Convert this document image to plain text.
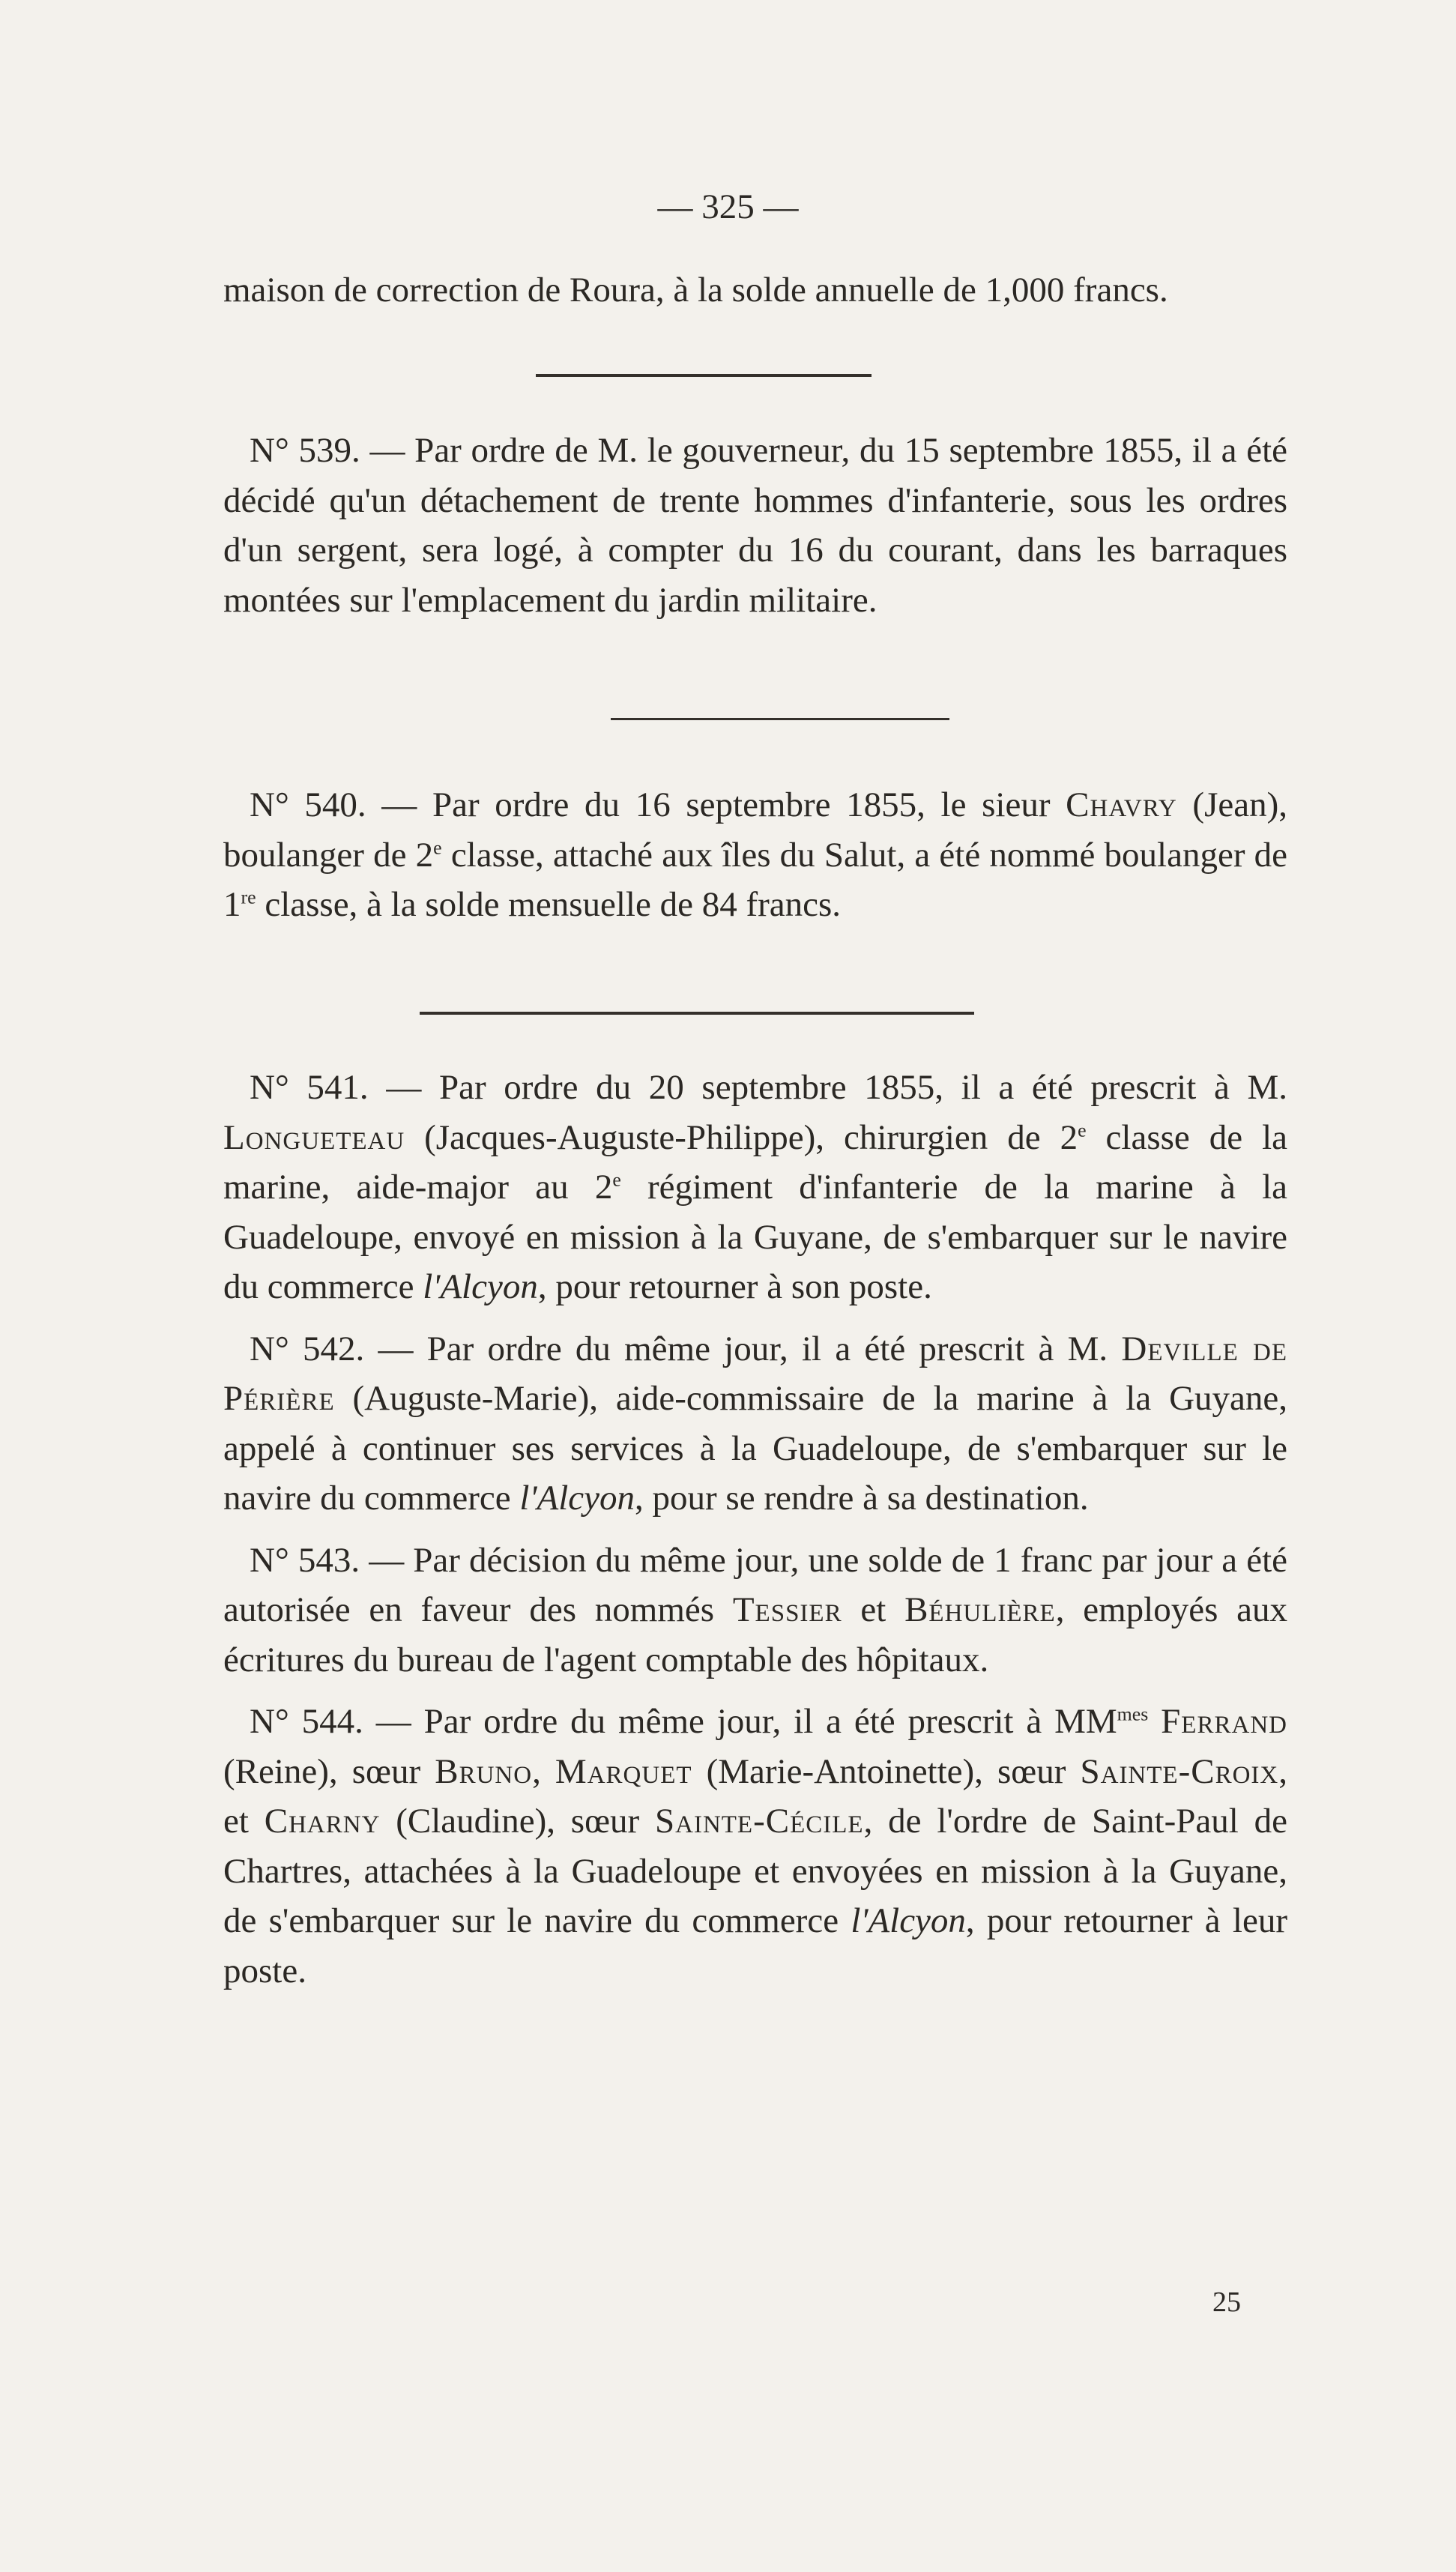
— 325 —

maison de correction de Roura, à la solde annuelle de 1,000 francs.

N° 539. — Par ordre de M. le gouverneur, du 15 septembre 1855, il a été décidé qu'un détachement de trente hommes d'infanterie, sous les ordres d'un sergent, sera logé, à compter du 16 du courant, dans les barraques montées sur l'emplacement du jardin militaire.

N° 540. — Par ordre du 16 septembre 1855, le sieur Chavry (Jean), boulanger de 2e classe, attaché aux îles du Salut, a été nommé boulanger de 1re classe, à la solde mensuelle de 84 francs.

N° 541. — Par ordre du 20 septembre 1855, il a été prescrit à M. Longueteau (Jacques-Auguste-Philippe), chirurgien de 2e classe de la marine, aide-major au 2e régiment d'infanterie de la marine à la Guadeloupe, envoyé en mission à la Guyane, de s'embarquer sur le navire du commerce l'Alcyon, pour retourner à son poste.

N° 542. — Par ordre du même jour, il a été prescrit à M. Deville de Périère (Auguste-Marie), aide-commissaire de la marine à la Guyane, appelé à continuer ses services à la Guadeloupe, de s'embarquer sur le navire du commerce l'Alcyon, pour se rendre à sa destination.

N° 543. — Par décision du même jour, une solde de 1 franc par jour a été autorisée en faveur des nommés Tessier et Béhulière, employés aux écritures du bureau de l'agent comptable des hôpitaux.

N° 544. — Par ordre du même jour, il a été prescrit à $MM^{mes}$ Ferrand (Reine), sœur Bruno, Marquet (Marie-Antoinette), sœur Sainte-Croix, et Charny (Claudine), sœur Sainte-Cécile, de l'ordre de Saint-Paul de Chartres, attachées à la Guadeloupe et envoyées en mission à la Guyane, de s'embarquer sur le navire du commerce l'Alcyon, pour retourner à leur poste.

25
